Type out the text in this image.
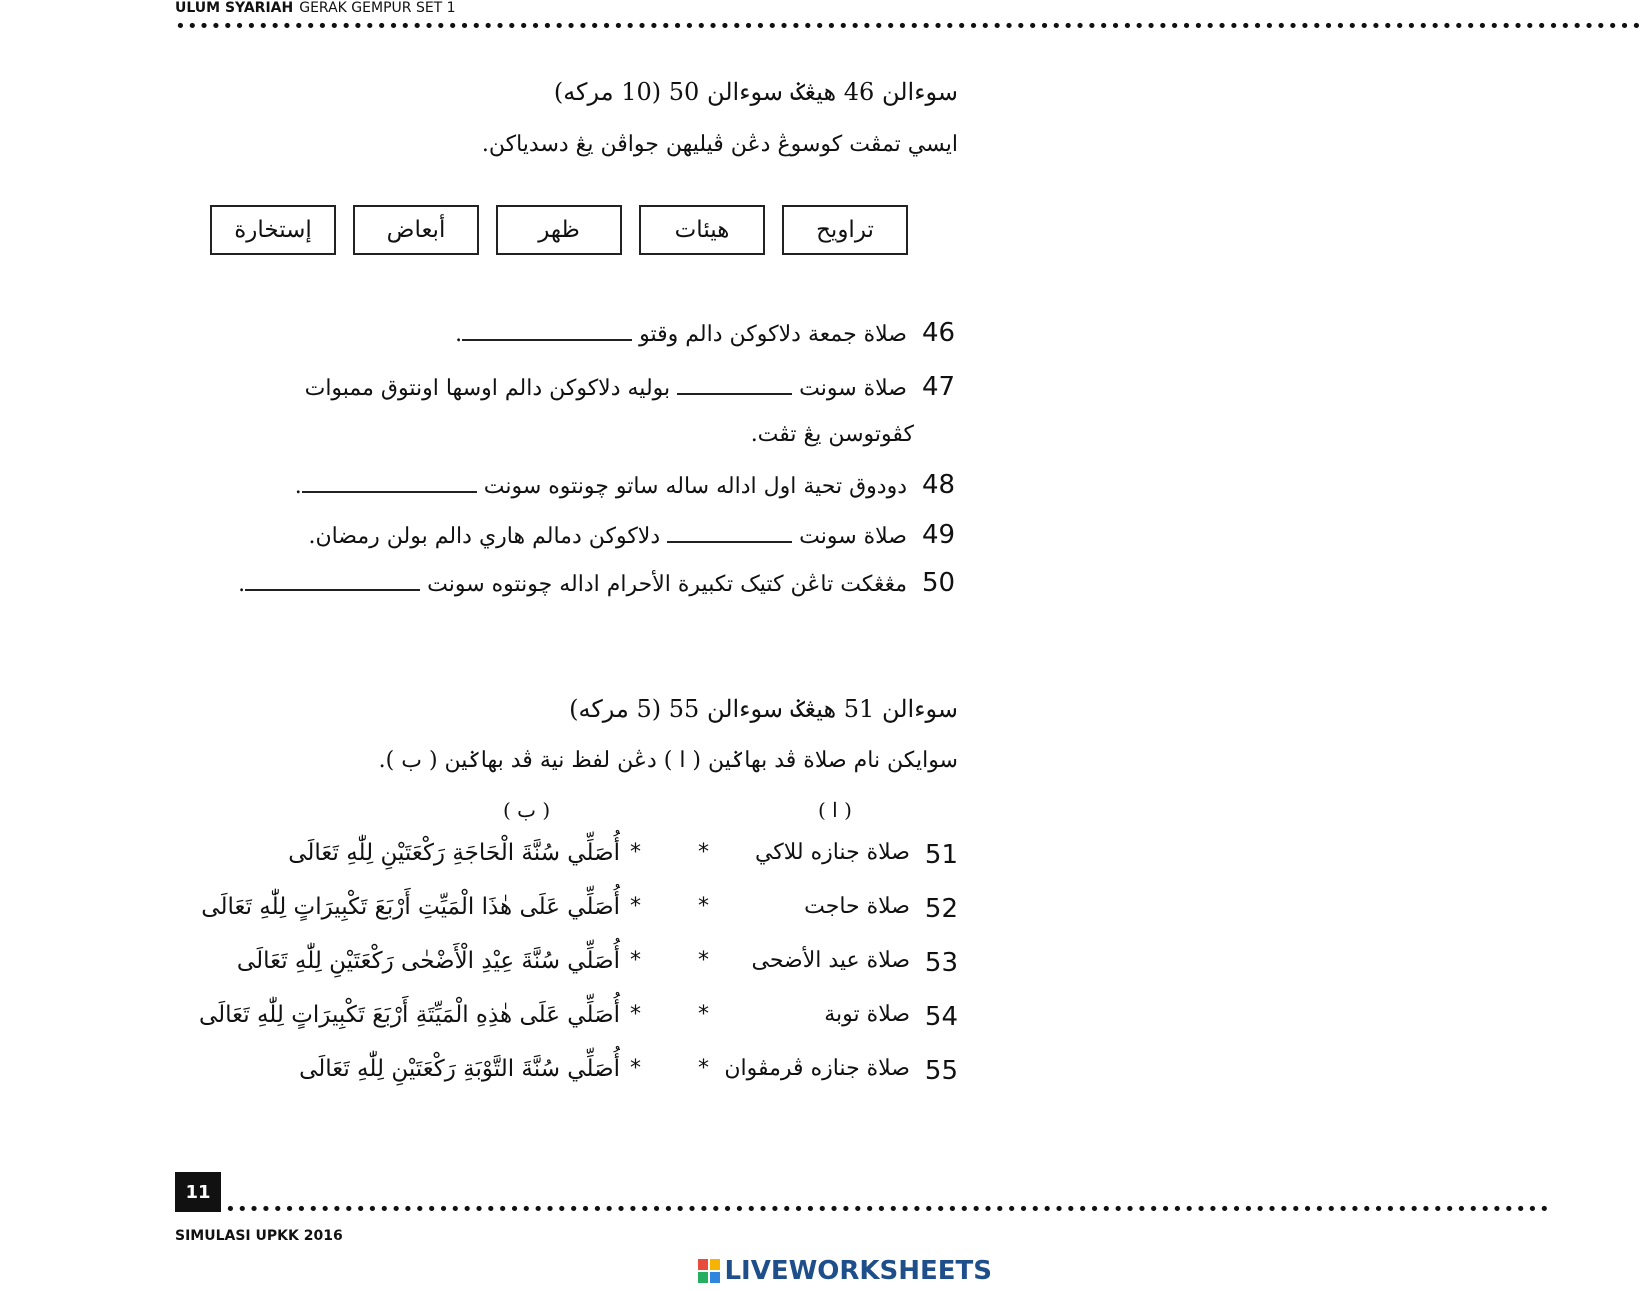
ULUM SYARIAH GERAK GEMPUR SET 1
••••••••••••••••••••••••••••••••••••••••••••••••••••••••••••••••••••••••••••••••••••••••••••••••••••••••••••••••••••••••••••
سوءالن 46 هيڠݢ سوءالن 50 (10 مرکه)
ايسي تمڤت کوسوڠ دڠن ڤيليهن جواڤن يڠ دسدياکن.
تراويح
هيئات
ظهر
أبعاض
إستخارة
46 صلاة جمعة دلاکوکن دالم وقتو .
47 صلاة سونت  بوليه دلاکوکن دالم اوسها اونتوق ممبوات
کڤوتوسن يڠ تڤت.
48 دودوق تحية اول اداله ساله ساتو چونتوه سونت .
49 صلاة سونت  دلاکوکن دمالم هاري دالم بولن رمضان.
50 مڠڠکت تاڠن کتيک تکبيرة الأحرام اداله چونتوه سونت .
سوءالن 51 هيڠݢ سوءالن 55 (5 مرکه)
سوايکن نام صلاة ڤد بهاݢين ( ا ) دڠن لفظ نية ڤد بهاݢين ( ب ).
( ا )
( ب )
51
صلاة جنازه للاکي
*
*
أُصَلِّي سُنَّةَ الْحَاجَةِ رَكْعَتَيْنِ لِلّٰهِ تَعَالَى
52
صلاة حاجت
*
*
أُصَلِّي عَلَى هٰذَا الْمَيِّتِ أَرْبَعَ تَكْبِيرَاتٍ لِلّٰهِ تَعَالَى
53
صلاة عيد الأضحى
*
*
أُصَلِّي سُنَّةَ عِيْدِ الْأَضْحٰى رَكْعَتَيْنِ لِلّٰهِ تَعَالَى
54
صلاة توبة
*
*
أُصَلِّي عَلَى هٰذِهِ الْمَيِّتَةِ أَرْبَعَ تَكْبِيرَاتٍ لِلّٰهِ تَعَالَى
55
صلاة جنازه ڤرمڤوان
*
*
أُصَلِّي سُنَّةَ التَّوْبَةِ رَكْعَتَيْنِ لِلّٰهِ تَعَالَى
11
••••••••••••••••••••••••••••••••••••••••••••••••••••••••••••••••••••••••••••••••••••••••••••••••••••••••••••••••
SIMULASI UPKK 2016
LIVEWORKSHEETS
